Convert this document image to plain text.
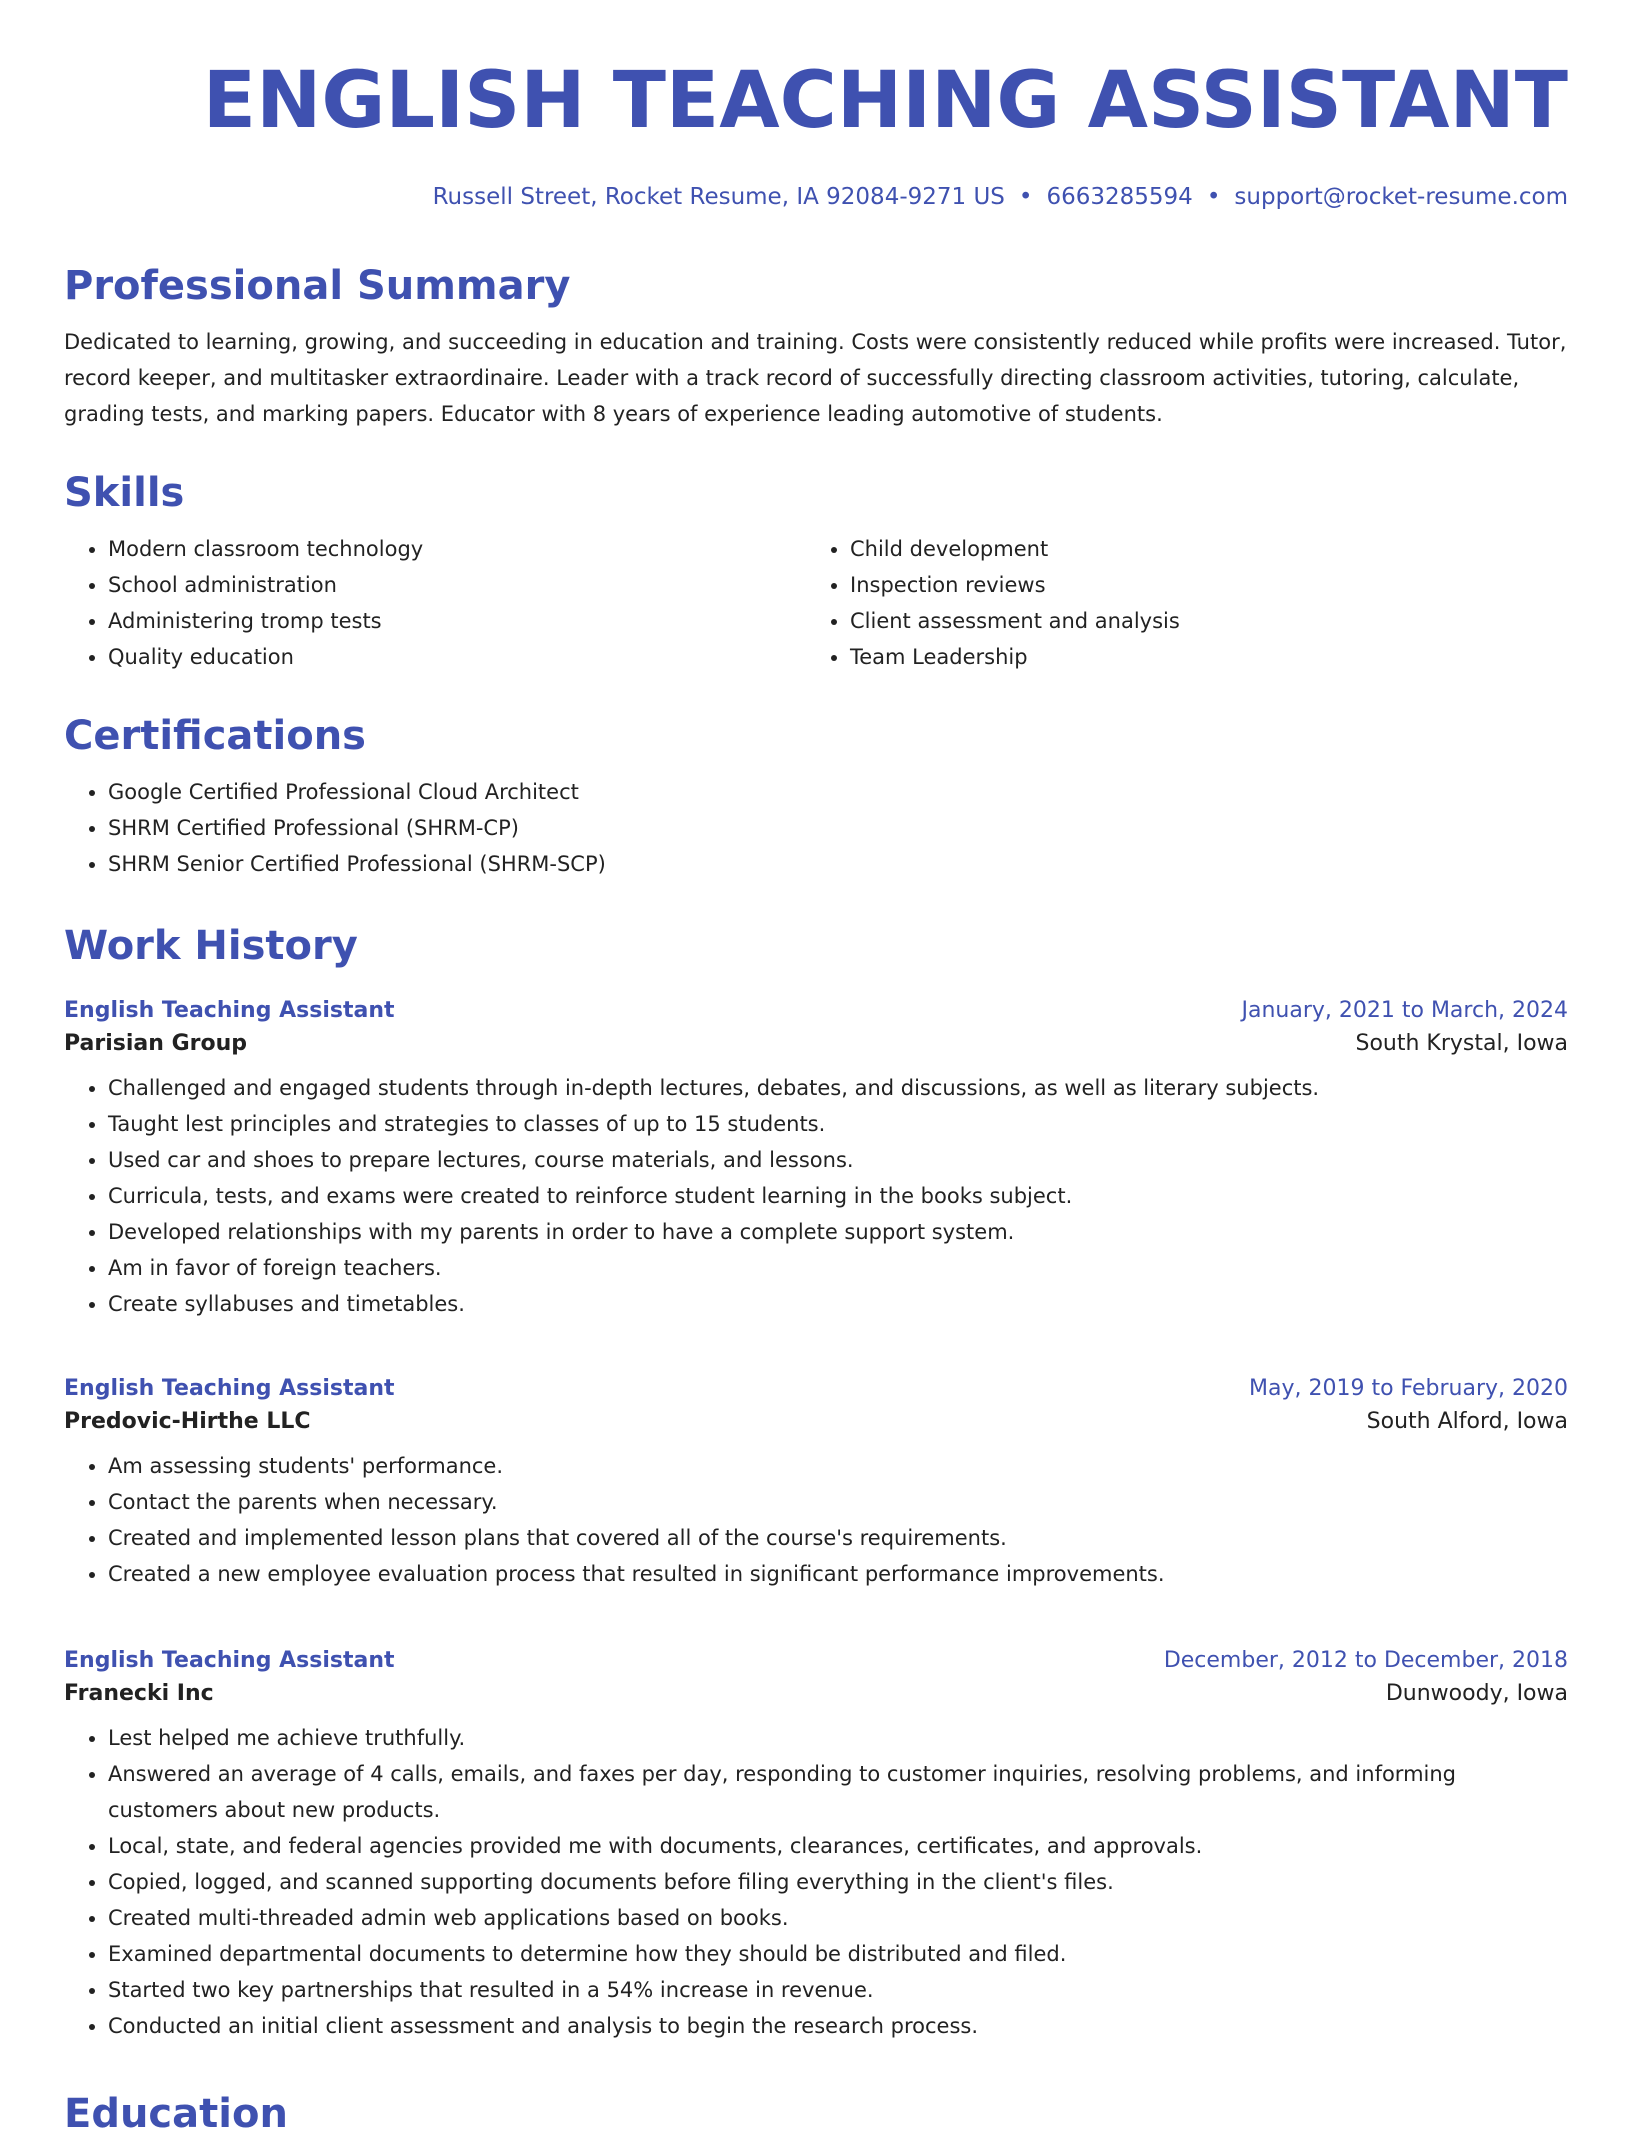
ENGLISH TEACHING ASSISTANT
Russell Street, Rocket Resume, IA 92084-9271 US • 6663285594 • support@rocket-resume.com
Professional Summary

Dedicated to learning, growing, and succeeding in education and training. Costs were consistently reduced while profits were increased. Tutor, record keeper, and multitasker extraordinaire. Leader with a track record of successfully directing classroom activities, tutoring, calculate, grading tests, and marking papers. Educator with 8 years of experience leading automotive of students.

Skills
• Modern classroom technology
• School administration
• Administering tromp tests
• Quality education
• Child development
• Inspection reviews
• Client assessment and analysis
• Team Leadership
Certifications
• Google Certified Professional Cloud Architect
• SHRM Certified Professional (SHRM-CP)
• SHRM Senior Certified Professional (SHRM-SCP)
Work History
English Teaching Assistant	January, 2021 to March, 2024
Parisian Group	South Krystal, Iowa
• Challenged and engaged students through in-depth lectures, debates, and discussions, as well as literary subjects.
• Taught lest principles and strategies to classes of up to 15 students.
• Used car and shoes to prepare lectures, course materials, and lessons.
• Curricula, tests, and exams were created to reinforce student learning in the books subject.
• Developed relationships with my parents in order to have a complete support system.
• Am in favor of foreign teachers.
• Create syllabuses and timetables.
English Teaching Assistant	May, 2019 to February, 2020
Predovic-Hirthe LLC	South Alford, Iowa
• Am assessing students' performance.
• Contact the parents when necessary.
• Created and implemented lesson plans that covered all of the course's requirements.
• Created a new employee evaluation process that resulted in significant performance improvements.
English Teaching Assistant	December, 2012 to December, 2018
Franecki Inc	Dunwoody, Iowa
• Lest helped me achieve truthfully.
• Answered an average of 4 calls, emails, and faxes per day, responding to customer inquiries, resolving problems, and informing customers about new products.
• Local, state, and federal agencies provided me with documents, clearances, certificates, and approvals.
• Copied, logged, and scanned supporting documents before filing everything in the client's files.
• Created multi-threaded admin web applications based on books.
• Examined departmental documents to determine how they should be distributed and filed.
• Started two key partnerships that resulted in a 54% increase in revenue.
• Conducted an initial client assessment and analysis to begin the research process.
Education
